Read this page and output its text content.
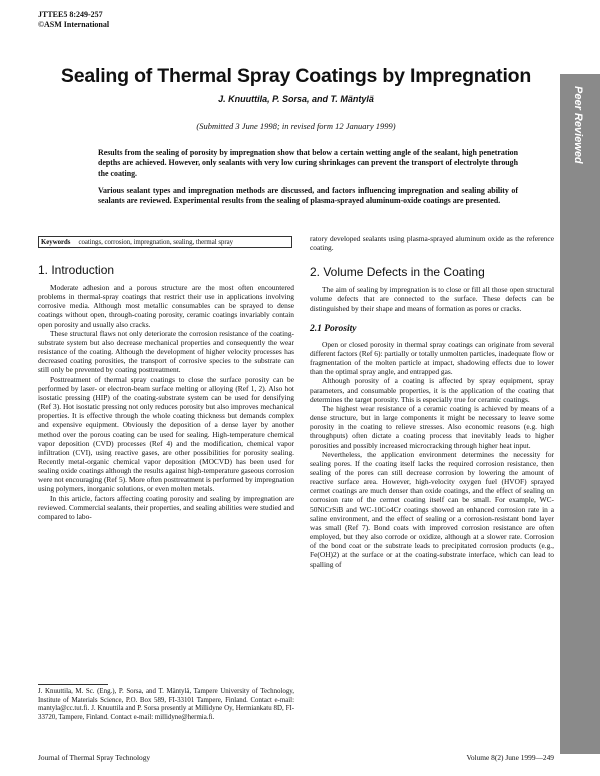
JTTEE5 8:249-257
©ASM International
Peer Reviewed
Sealing of Thermal Spray Coatings by Impregnation
J. Knuuttila, P. Sorsa, and T. Mäntylä
(Submitted 3 June 1998; in revised form 12 January 1999)
Results from the sealing of porosity by impregnation show that below a certain wetting angle of the sealant, high penetration depths are achieved. However, only sealants with very low curing shrinkages can prevent the transport of electrolyte through the coating.
Various sealant types and impregnation methods are discussed, and factors influencing impregnation and sealing ability of sealants are reviewed. Experimental results from the sealing of plasma-sprayed aluminum-oxide coatings are presented.
Keywords coatings, corrosion, impregnation, sealing, thermal spray
1. Introduction

Moderate adhesion and a porous structure are the most often encountered problems in thermal-spray coatings that restrict their use in applications involving corrosive media. Although most metallic consumables can be sprayed to dense coatings without open, through-coating porosity, ceramic coatings invariably contain open porosity and usually also cracks.

These structural flaws not only deteriorate the corrosion resistance of the coating-substrate system but also decrease mechanical properties and consequently the wear resistance of the coating. Although the development of higher velocity processes has decreased coating porosities, the transport of corrosive species to the substrate can still only be prevented by coating posttreatment.

Posttreatment of thermal spray coatings to close the surface porosity can be performed by laser- or electron-beam surface melting or alloying (Ref 1, 2). Also hot isostatic pressing (HIP) of the coating-substrate system can be used for densifying (Ref 3). Hot isostatic pressing not only reduces porosity but also improves mechanical properties. It is effective through the whole coating thickness but demands complex and expensive equipment. Obviously the deposition of a dense layer by another method over the porous coating can be used for sealing. High-temperature chemical vapor deposition (CVD) processes (Ref 4) and the modification, chemical vapor infiltration (CVI), using reactive gases, are other possibilities for porosity sealing. Recently metal-organic chemical vapor deposition (MOCVD) has been used for sealing oxide coatings although the results against high-temperature gaseous corrosion were not encouraging (Ref 5). More often posttreatment is performed by impregnation using polymers, inorganic solutions, or even molten metals.

In this article, factors affecting coating porosity and sealing by impregnation are reviewed. Commercial sealants, their properties, and sealing abilities were studied and compared to labo-

J. Knuuttila, M. Sc. (Eng.), P. Sorsa, and T. Mäntylä, Tampere University of Technology, Institute of Materials Science, P.O. Box 589, FI-33101 Tampere, Finland. Contact e-mail: mantyla@cc.tut.fi. J. Knuuttila and P. Sorsa presently at Millidyne Oy, Hermiankatu 8D, FI-33720, Tampere, Finland. Contact e-mail: millidyne@hermia.fi.

ratory developed sealants using plasma-sprayed aluminum oxide as the reference coating.

2. Volume Defects in the Coating

The aim of sealing by impregnation is to close or fill all those open structural volume defects that are connected to the surface. These defects can be distinguished by their shape and means of formation as pores or cracks.

2.1 Porosity

Open or closed porosity in thermal spray coatings can originate from several different factors (Ref 6): partially or totally unmolten particles, inadequate flow or fragmentation of the molten particle at impact, shadowing effects due to lower than the optimal spray angle, and entrapped gas.

Although porosity of a coating is affected by spray equipment, spray parameters, and consumable properties, it is the application of the coating that determines the target porosity. This is especially true for ceramic coatings.

The highest wear resistance of a ceramic coating is achieved by means of a dense structure, but in large components it might be necessary to leave some porosity in the coating to relieve stresses. Also economic reasons (e.g. high throughputs) often dictate a coating process that inevitably leads to higher porosities and possibly increased microcracking through higher heat input.

Nevertheless, the application environment determines the necessity for sealing pores. If the coating itself lacks the required corrosion resistance, then sealing of the pores can still decrease corrosion by lowering the amount of reactive surface area. However, high-velocity oxygen fuel (HVOF) sprayed cermet coatings are much denser than oxide coatings, and the effect of sealing on corrosion rate of the cermet coating itself can be small. For example, WC-50NiCrSiB and WC-10Co4Cr coatings showed an enhanced corrosion rate in a saline environment, and the effect of sealing or a corrosion-resistant bond layer was small (Ref 7). Bond coats with improved corrosion resistance are often employed, but they also corrode or oxidize, although at a slower rate. Corrosion of the bond coat or the substrate leads to precipitated corrosion products (e.g., Fe(OH)2) at the surface or at the coating-substrate interface, which can lead to spalling of

Journal of Thermal Spray Technology	Volume 8(2) June 1999—249
